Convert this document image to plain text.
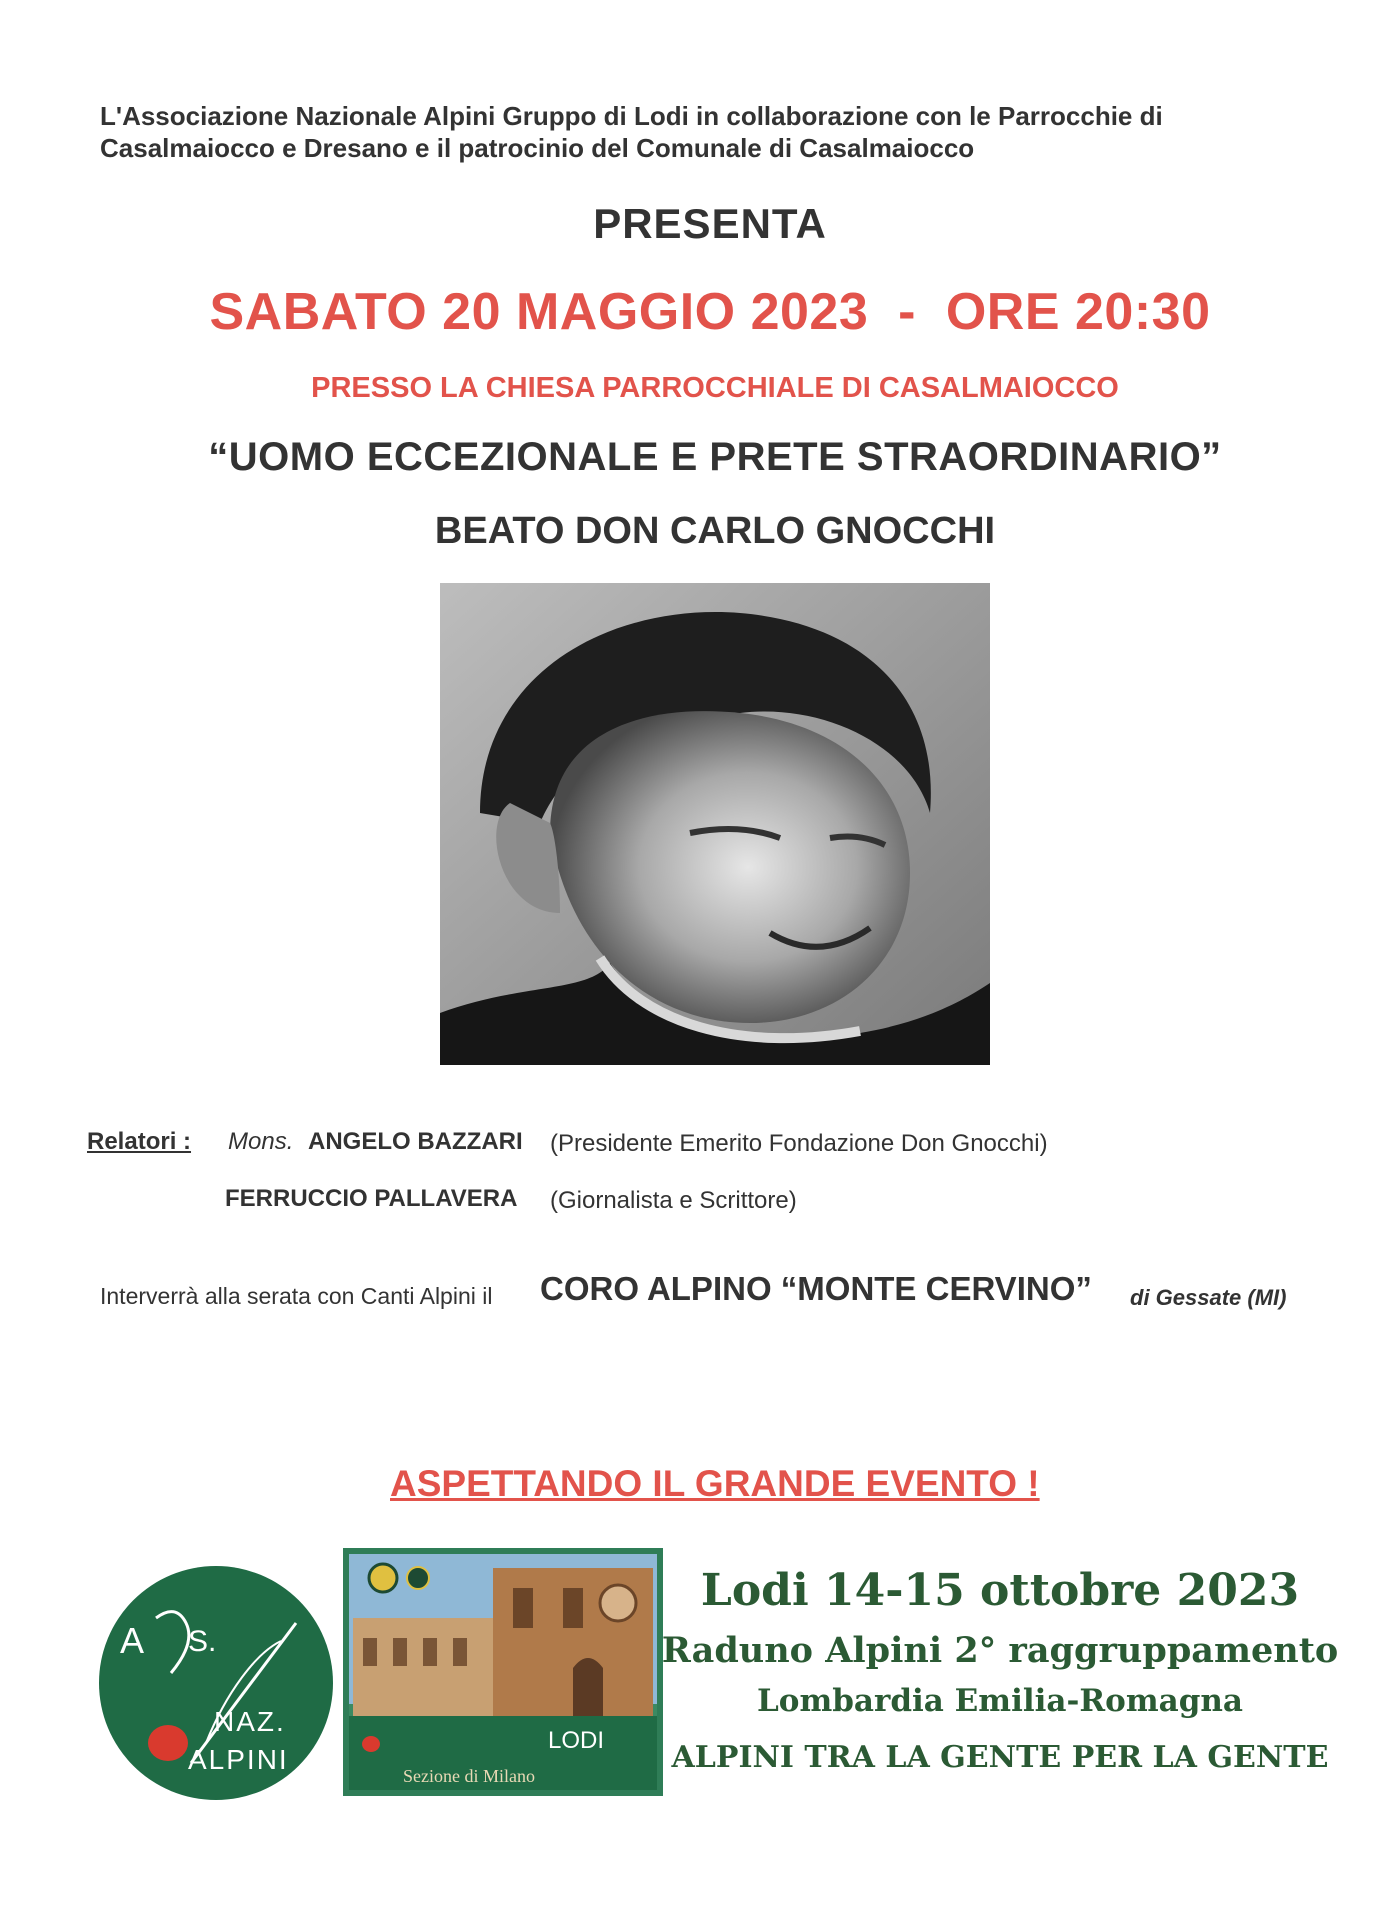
L'Associazione Nazionale Alpini Gruppo di Lodi in collaborazione con le Parrocchie di
Casalmaiocco e Dresano e il patrocinio del Comunale di Casalmaiocco
PRESENTA
SABATO 20 MAGGIO 2023  -  ORE 20:30
PRESSO LA CHIESA PARROCCHIALE DI CASALMAIOCCO
“UOMO ECCEZIONALE E PRETE STRAORDINARIO”
BEATO DON CARLO GNOCCHI
Relatori : Mons. ANGELO BAZZARI (Presidente Emerito Fondazione Don Gnocchi)
FERRUCCIO PALLAVERA (Giornalista e Scrittore)
Interverrà alla serata con Canti Alpini il CORO ALPINO “MONTE CERVINO” di Gessate (MI)
ASPETTANDO IL GRANDE EVENTO !
A S.
NAZ.
ALPINI
LODI
Sezione di Milano
Lodi 14-15 ottobre 2023
Raduno Alpini 2° raggruppamento
Lombardia Emilia-Romagna
ALPINI TRA LA GENTE PER LA GENTE
